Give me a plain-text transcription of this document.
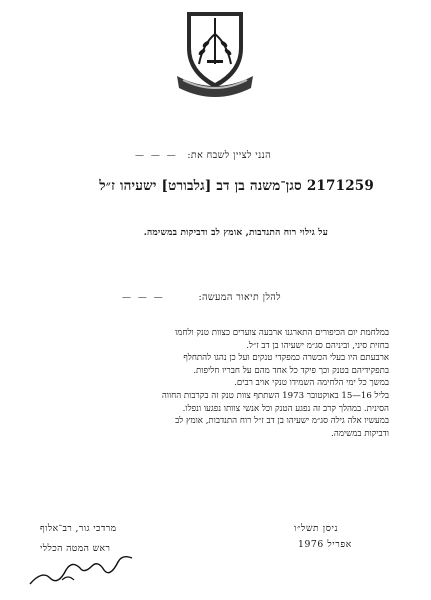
הנני לציין לשבח את:
— — —
2171259 סגן־משנה בן דב [גלבורט] ישעיהו ז״ל
על גילוי רוח התנדבות, אומץ לב ודביקות במשימה.
להלן תיאור המעשה:
— — —

במלחמת יום הכיפורים התארגנו ארבעה צוערים כצוות טנק ולחמו

בחזית סיני, וביניהם סג״מ ישעיהו בן דב ז״ל.

ארבעתם היו בעלי הכשרה כמפקדי טנקים ועל כן נהגו להתחלף

בתפקידיהם בטנק וכך פיקד כל אחד מהם על חבריו חליפות.

במשך כל ימי הלחימה השמידו טנקי אויב רבים.

בליל 16—15 באוקטובר 1973 השתתף צוות טנק זה בקרבות החווה

הסינית. במהלך קרב זה נפגע הטנק וכל אנשי צוותו נפגעו ונפלו.

במעשיו אלה גילה סג״מ ישעיהו בן דב ז״ל רוח התנדבות, אומץ לב

ודביקות במשימה.

ניסן תשל״ו
אפריל 1976
מרדכי גור, רב־אלוף
ראש המטה הכללי
